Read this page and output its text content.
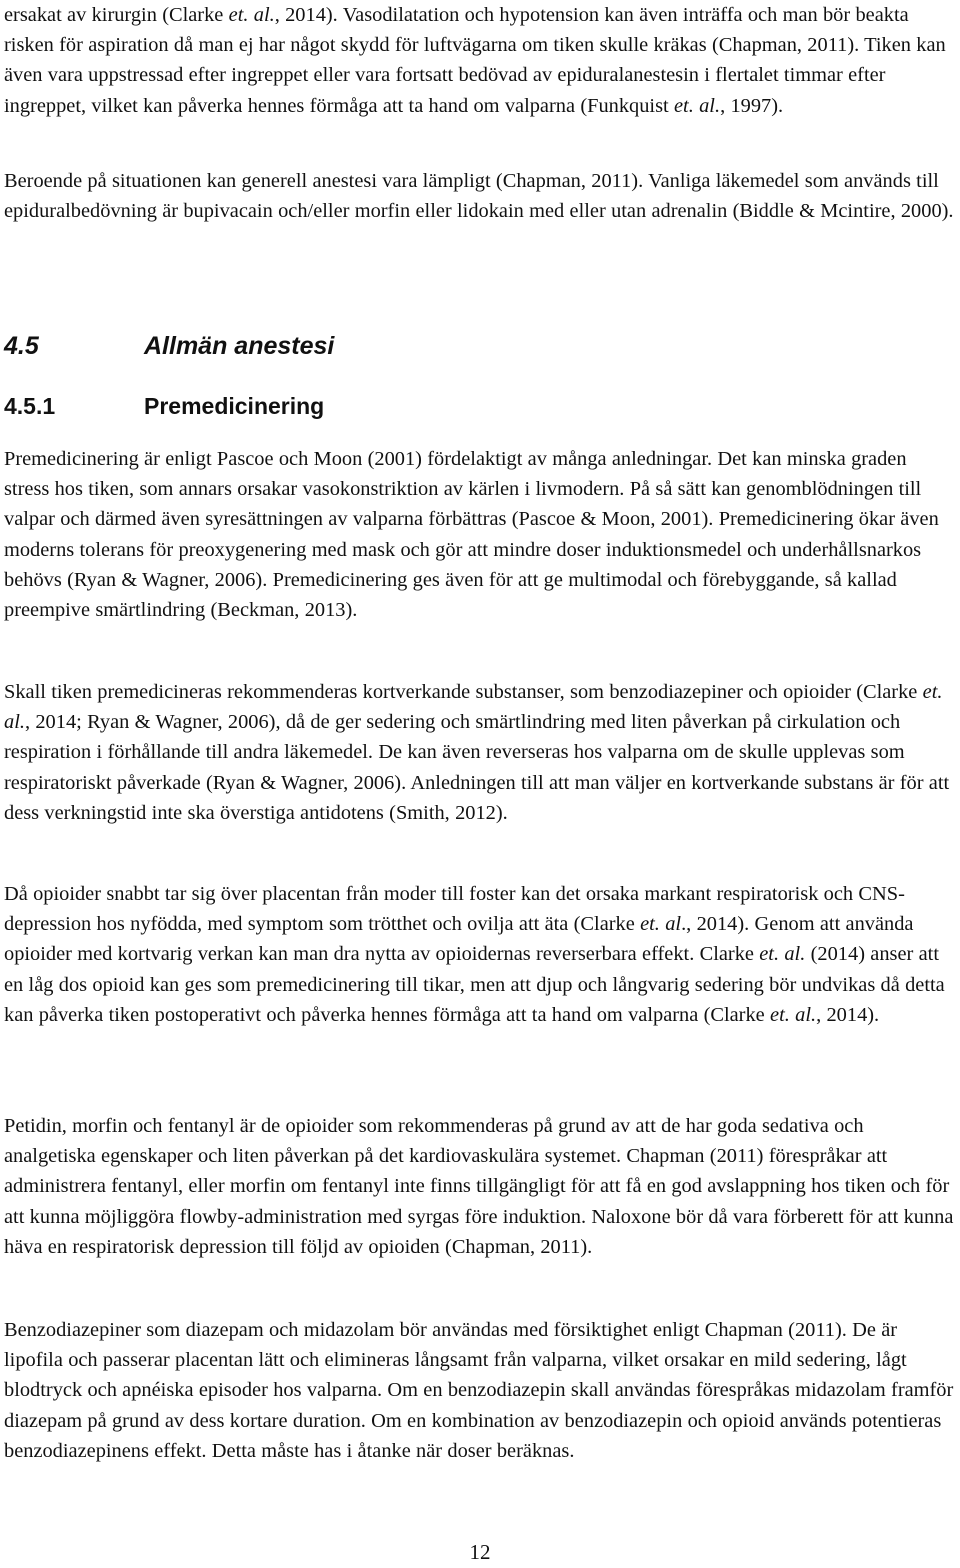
ersakat av kirurgin (Clarke et. al., 2014). Vasodilatation och hypotension kan även inträffa och man bör beakta risken för aspiration då man ej har något skydd för luftvägarna om tiken skulle kräkas (Chapman, 2011). Tiken kan även vara uppstressad efter ingreppet eller vara fortsatt bedövad av epiduralanestesin i flertalet timmar efter ingreppet, vilket kan påverka hennes förmåga att ta hand om valparna (Funkquist et. al., 1997).

Beroende på situationen kan generell anestesi vara lämpligt (Chapman, 2011). Vanliga läkemedel som används till epiduralbedövning är bupivacain och/eller morfin eller lidokain med eller utan adrenalin (Biddle & Mcintire, 2000).

4.5	Allmän anestesi
4.5.1	Premedicinering

Premedicinering är enligt Pascoe och Moon (2001) fördelaktigt av många anledningar. Det kan minska graden stress hos tiken, som annars orsakar vasokonstriktion av kärlen i livmodern. På så sätt kan genomblödningen till valpar och därmed även syresättningen av valparna förbättras (Pascoe & Moon, 2001). Premedicinering ökar även moderns tolerans för preoxygenering med mask och gör att mindre doser induktionsmedel och underhållsnarkos behövs (Ryan & Wagner, 2006). Premedicinering ges även för att ge multimodal och förebyggande, så kallad preempive smärtlindring (Beckman, 2013).

Skall tiken premedicineras rekommenderas kortverkande substanser, som benzodiazepiner och opioider (Clarke et. al., 2014; Ryan & Wagner, 2006), då de ger sedering och smärtlindring med liten påverkan på cirkulation och respiration i förhållande till andra läkemedel. De kan även reverseras hos valparna om de skulle upplevas som respiratoriskt påverkade (Ryan & Wagner, 2006). Anledningen till att man väljer en kortverkande substans är för att dess verkningstid inte ska överstiga antidotens (Smith, 2012).

Då opioider snabbt tar sig över placentan från moder till foster kan det orsaka markant respiratorisk och CNS-depression hos nyfödda, med symptom som trötthet och ovilja att äta (Clarke et. al., 2014). Genom att använda opioider med kortvarig verkan kan man dra nytta av opioidernas reverserbara effekt. Clarke et. al. (2014) anser att en låg dos opioid kan ges som premedicinering till tikar, men att djup och långvarig sedering bör undvikas då detta kan påverka tiken postoperativt och påverka hennes förmåga att ta hand om valparna (Clarke et. al., 2014).

Petidin, morfin och fentanyl är de opioider som rekommenderas på grund av att de har goda sedativa och analgetiska egenskaper och liten påverkan på det kardiovaskulära systemet. Chapman (2011) förespråkar att administrera fentanyl, eller morfin om fentanyl inte finns tillgängligt för att få en god avslappning hos tiken och för att kunna möjliggöra flowby-administration med syrgas före induktion. Naloxone bör då vara förberett för att kunna häva en respiratorisk depression till följd av opioiden (Chapman, 2011).

Benzodiazepiner som diazepam och midazolam bör användas med försiktighet enligt Chapman (2011). De är lipofila och passerar placentan lätt och elimineras långsamt från valparna, vilket orsakar en mild sedering, lågt blodtryck och apnéiska episoder hos valparna. Om en benzodiazepin skall användas förespråkas midazolam framför diazepam på grund av dess kortare duration. Om en kombination av benzodiazepin och opioid används potentieras benzodiazepinens effekt. Detta måste has i åtanke när doser beräknas.

12
